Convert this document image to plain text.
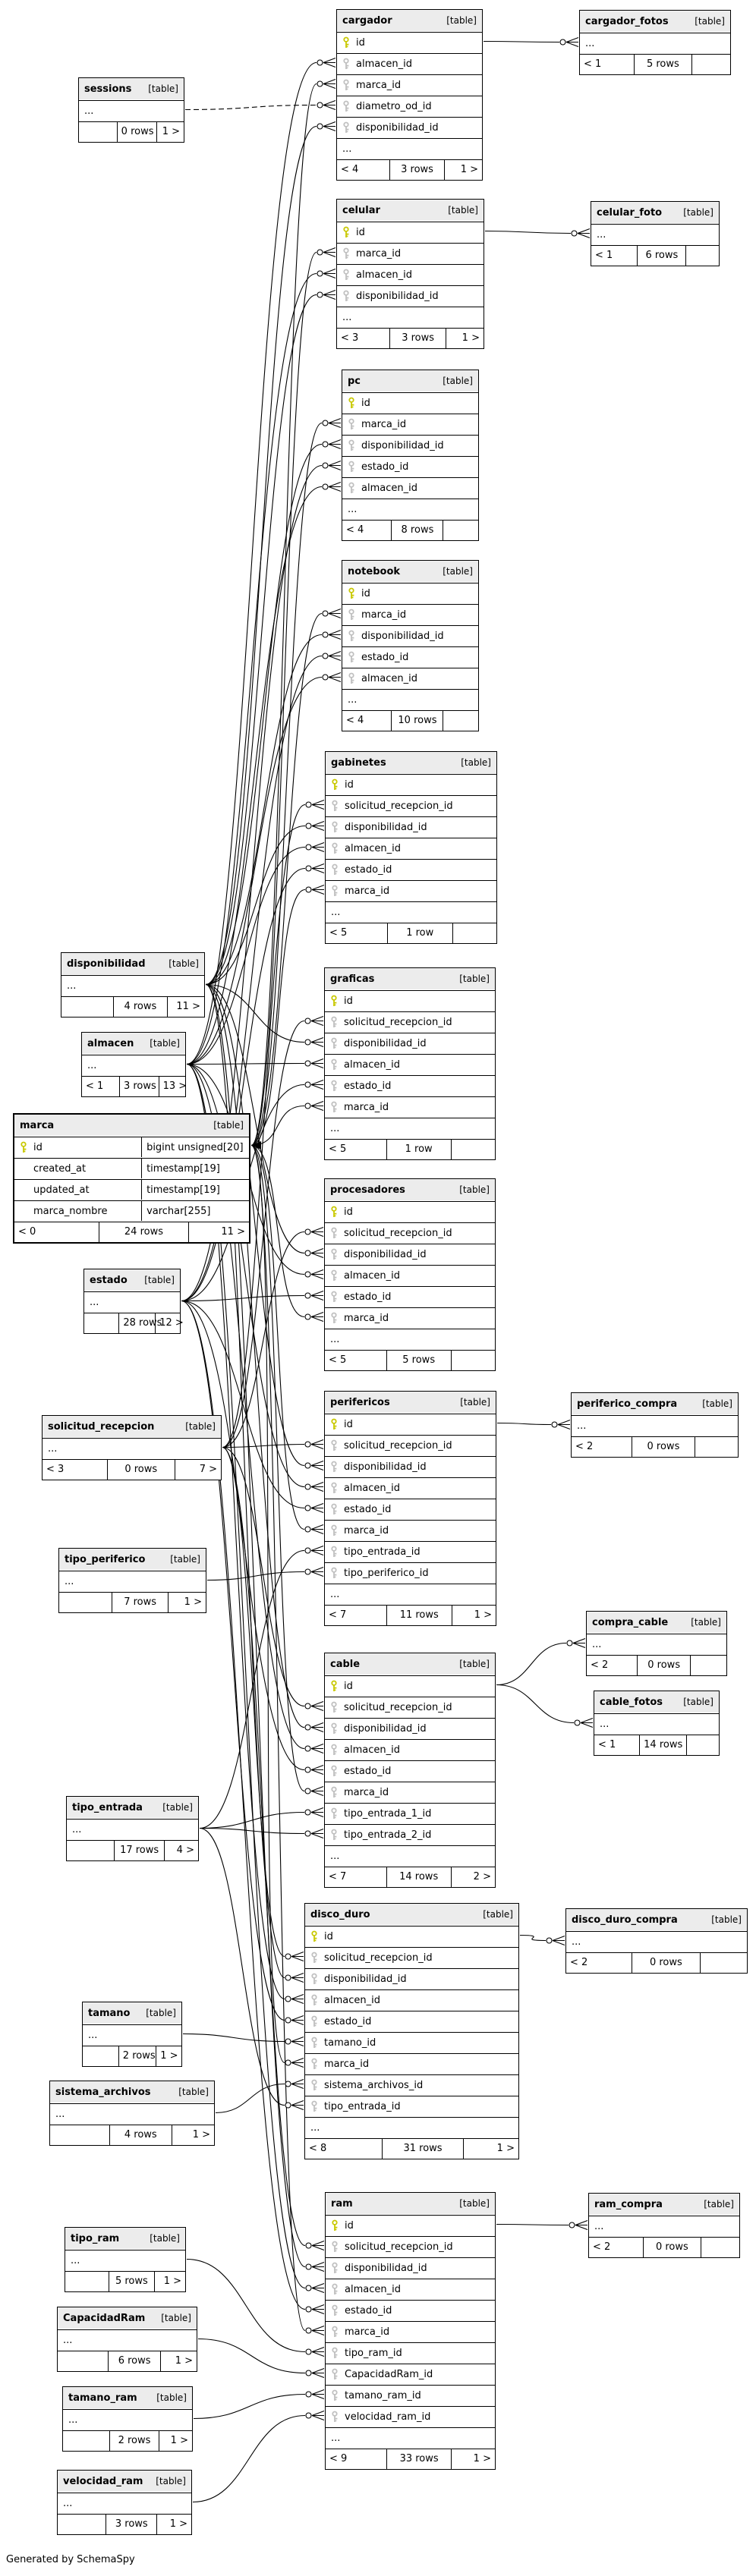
Generated by SchemaSpy
sessions [table]
...
0 rows 1 >
cargador	[table]
id
almacen_id
marca_id
diametro_od_id
disponibilidad_id
...
< 4	3 rows	1 >
cargador_fotos	[table]
...
< 1	5 rows
celular	[table]
id
marca_id
almacen_id
disponibilidad_id
...
< 3	3 rows	1 >
celular_foto [table]
...
< 1	6 rows
pc	[table]
id
marca_id
disponibilidad_id
estado_id
almacen_id
...
< 4	8 rows
notebook	[table]
id
marca_id
disponibilidad_id
estado_id
almacen_id
...
< 4	10 rows
gabinetes	[table]
id
solicitud_recepcion_id
disponibilidad_id
almacen_id
estado_id
marca_id
...
< 5	1 row
disponibilidad	[table]
...
4 rows	11 >
almacen [table]
...
< 1	3 rows 13 >
marca	[table]
id	bigint unsigned[20]
created_at	timestamp[19]
updated_at	timestamp[19]
marca_nombre	varchar[255]
< 0	24 rows	11 >
graficas	[table]
id
solicitud_recepcion_id
disponibilidad_id
almacen_id
estado_id
marca_id
...
< 5	1 row
estado [table]
...
28 rows
12 >
procesadores	[table]
id
solicitud_recepcion_id
disponibilidad_id
almacen_id
estado_id
marca_id
...
< 5	5 rows
solicitud_recepcion	[table]
...
< 3	0 rows	7 >
perifericos	[table]
id
solicitud_recepcion_id
disponibilidad_id
almacen_id
estado_id
marca_id
tipo_entrada_id
tipo_periferico_id
...
< 7	11 rows	1 >
periferico_compra	[table]
...
< 2	0 rows
tipo_periferico	[table]
...
7 rows	1 >
cable	[table]
id
solicitud_recepcion_id
disponibilidad_id
almacen_id
estado_id
marca_id
tipo_entrada_1_id
tipo_entrada_2_id
...
< 7	14 rows	2 >
compra_cable	[table]
...
< 2	0 rows
cable_fotos [table]
...
< 1	14 rows
tipo_entrada [table]
...
17 rows	4 >
disco_duro	[table]
id
solicitud_recepcion_id
disponibilidad_id
almacen_id
estado_id
tamano_id
marca_id
sistema_archivos_id
tipo_entrada_id
...
< 8	31 rows	1 >
disco_duro_compra	[table]
...
< 2	0 rows
tamano [table]
...
2 rows 1 >
sistema_archivos	[table]
...
4 rows	1 >
ram	[table]
id
solicitud_recepcion_id
disponibilidad_id
almacen_id
estado_id
marca_id
tipo_ram_id
CapacidadRam_id
tamano_ram_id
velocidad_ram_id
...
< 9	33 rows	1 >
ram_compra	[table]
...
< 2	0 rows
tipo_ram	[table]
...
5 rows	1 >
CapacidadRam [table]
...
6 rows	1 >
tamano_ram [table]
...
2 rows	1 >
velocidad_ram [table]
...
3 rows	1 >
